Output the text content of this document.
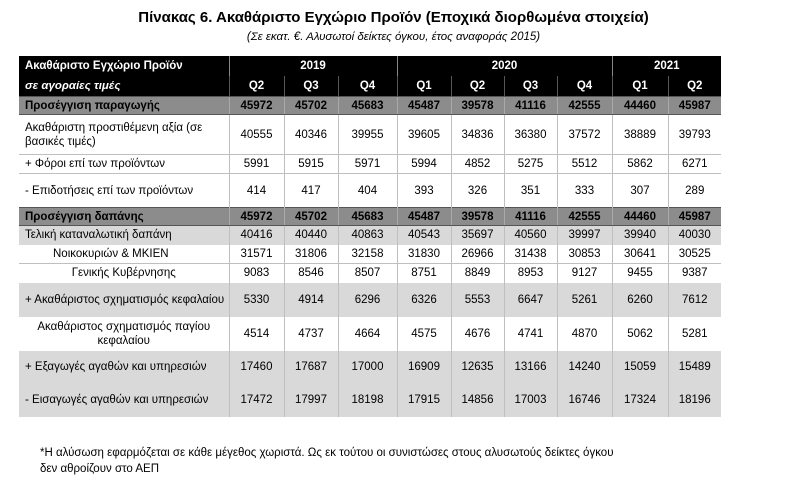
Πίνακας 6. Ακαθάριστο Εγχώριο Προϊόν (Εποχικά διορθωμένα στοιχεία)
(Σε εκατ. €. Αλυσωτοί δείκτες όγκου, έτος αναφοράς 2015)
Ακαθάριστο Εγχώριο Προϊόν	2019			2020				2021	
σε αγοραίες τιμές	Q2	Q3	Q4	Q1	Q2	Q3	Q4	Q1	Q2
Προσέγγιση παραγωγής	45972	45702	45683	45487	39578	41116	42555	44460	45987
Ακαθάριστη προστιθέμενη αξία (σε βασικές τιμές)	40555	40346	39955	39605	34836	36380	37572	38889	39793
+ Φόροι επί των προϊόντων	5991	5915	5971	5994	4852	5275	5512	5862	6271
- Επιδοτήσεις επί των προϊόντων	414	417	404	393	326	351	333	307	289
Προσέγγιση δαπάνης	45972	45702	45683	45487	39578	41116	42555	44460	45987
Τελική καταναλωτική δαπάνη	40416	40440	40863	40543	35697	40560	39997	39940	40030
Νοικοκυριών & ΜΚΙΕΝ	31571	31806	32158	31830	26966	31438	30853	30641	30525
Γενικής Κυβέρνησης	9083	8546	8507	8751	8849	8953	9127	9455	9387
+ Ακαθάριστος σχηματισμός κεφαλαίου	5330	4914	6296	6326	5553	6647	5261	6260	7612
Ακαθάριστος σχηματισμός παγίου κεφαλαίου	4514	4737	4664	4575	4676	4741	4870	5062	5281
+ Εξαγωγές αγαθών και υπηρεσιών	17460	17687	17000	16909	12635	13166	14240	15059	15489
- Εισαγωγές αγαθών και υπηρεσιών	17472	17997	18198	17915	14856	17003	16746	17324	18196
*Η αλύσωση εφαρμόζεται σε κάθε μέγεθος χωριστά. Ως εκ τούτου οι συνιστώσες στους αλυσωτούς δείκτες όγκου
δεν αθροίζουν στο ΑΕΠ
